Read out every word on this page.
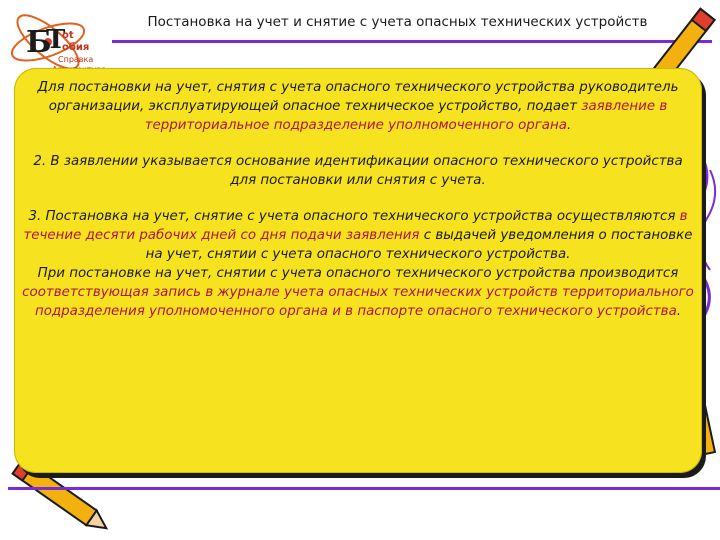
Б
Т
ot
обия
Справка
Постановка на учет и снятие с учета опасных технических устройств

Для постановки на учет, снятия с учета опасного технического устройства руководитель организации, эксплуатирующей опасное техническое устройство, подает заявление в территориальное подразделение уполномоченного органа.

2. В заявлении указывается основание идентификации опасного технического устройства для постановки или снятия с учета.

3. Постановка на учет, снятие с учета опасного технического устройства осуществляются в течение десяти рабочих дней со дня подачи заявления с выдачей уведомления о постановке на учет, снятии с учета опасного технического устройства.

При постановке на учет, снятии с учета опасного технического устройства производится соответствующая запись в журнале учета опасных технических устройств территориального подразделения уполномоченного органа и в паспорте опасного технического устройства.
